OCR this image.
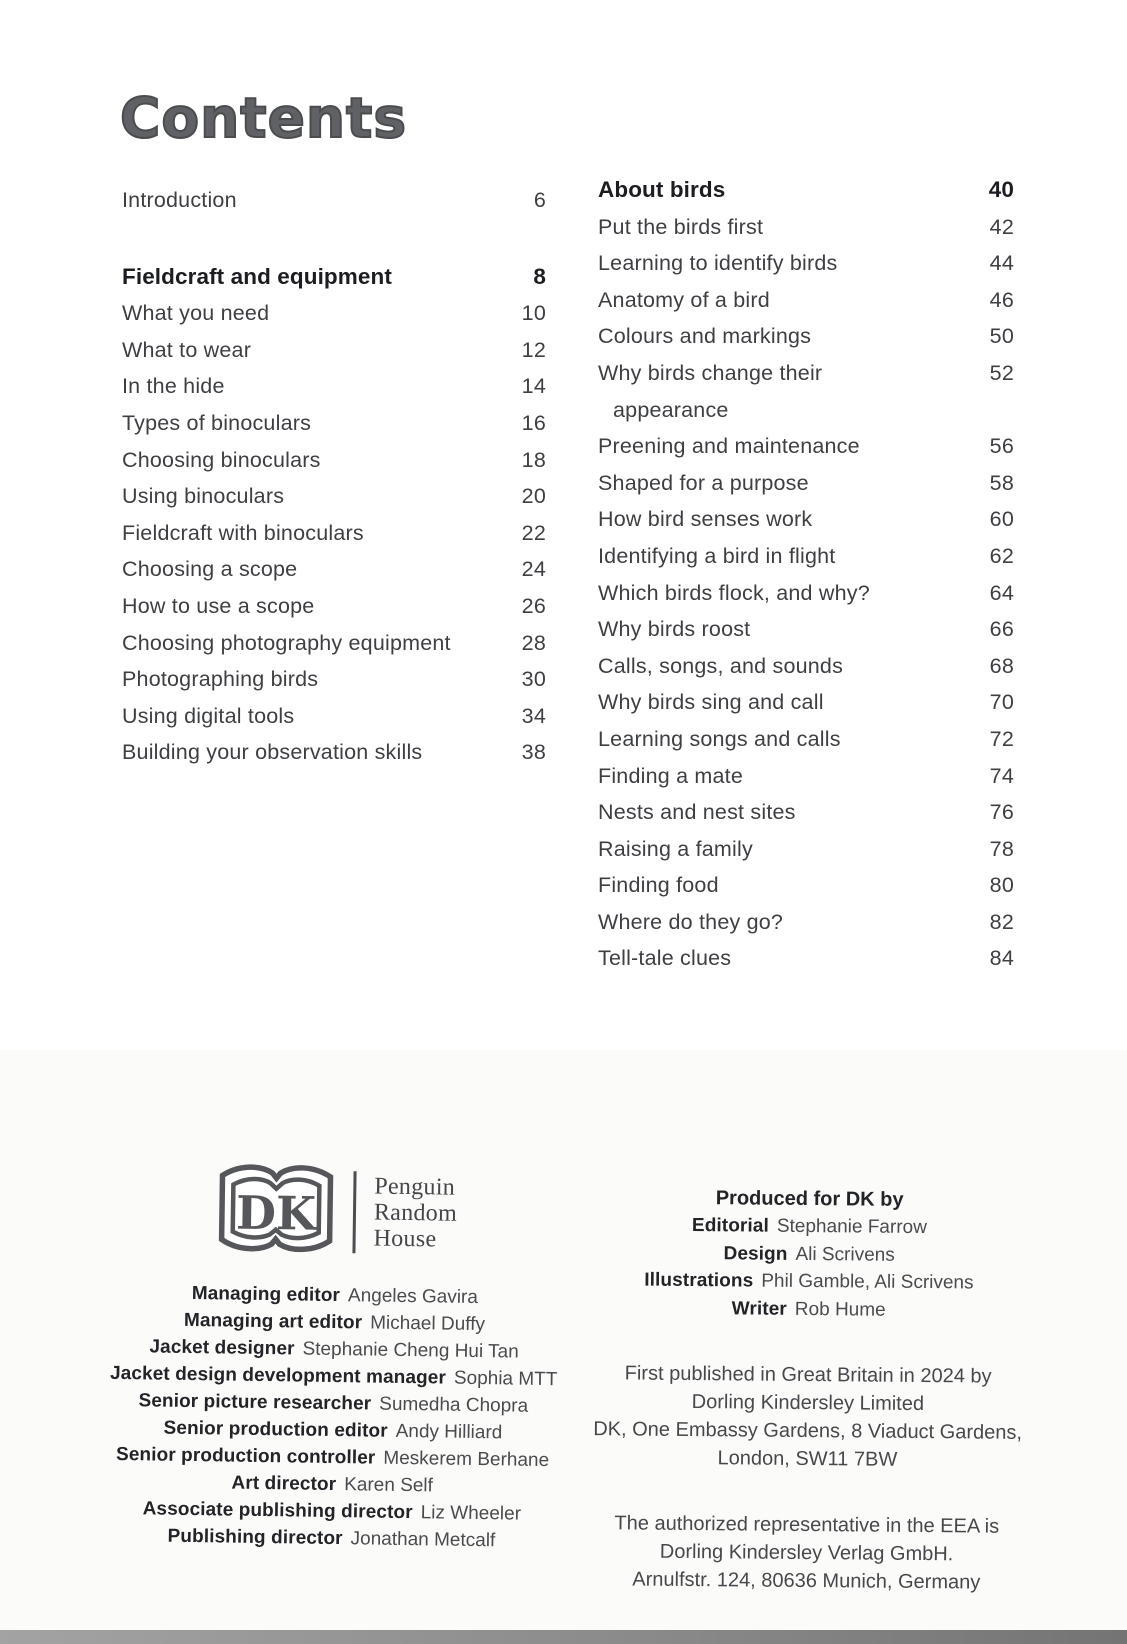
Contents
Introduction	6
Fieldcraft and equipment	8
What you need	10
What to wear	12
In the hide	14
Types of binoculars	16
Choosing binoculars	18
Using binoculars	20
Fieldcraft with binoculars	22
Choosing a scope	24
How to use a scope	26
Choosing photography equipment	28
Photographing birds	30
Using digital tools	34
Building your observation skills	38
About birds	40
Put the birds first	42
Learning to identify birds	44
Anatomy of a bird	46
Colours and markings	50
Why birds change their	52
appearance
Preening and maintenance	56
Shaped for a purpose	58
How bird senses work	60
Identifying a bird in flight	62
Which birds flock, and why?	64
Why birds roost	66
Calls, songs, and sounds	68
Why birds sing and call	70
Learning songs and calls	72
Finding a mate	74
Nests and nest sites	76
Raising a family	78
Finding food	80
Where do they go?	82
Tell-tale clues	84
DK Penguin
Random
House
Managing editor Angeles Gavira
Managing art editor Michael Duffy
Jacket designer Stephanie Cheng Hui Tan
Jacket design development manager Sophia MTT
Senior picture researcher Sumedha Chopra
Senior production editor Andy Hilliard
Senior production controller Meskerem Berhane
Art director Karen Self
Associate publishing director Liz Wheeler
Publishing director Jonathan Metcalf
Produced for DK by
Editorial Stephanie Farrow
Design Ali Scrivens
Illustrations Phil Gamble, Ali Scrivens
Writer Rob Hume
First published in Great Britain in 2024 by
Dorling Kindersley Limited
DK, One Embassy Gardens, 8 Viaduct Gardens,
London, SW11 7BW
The authorized representative in the EEA is
Dorling Kindersley Verlag GmbH.
Arnulfstr. 124, 80636 Munich, Germany
